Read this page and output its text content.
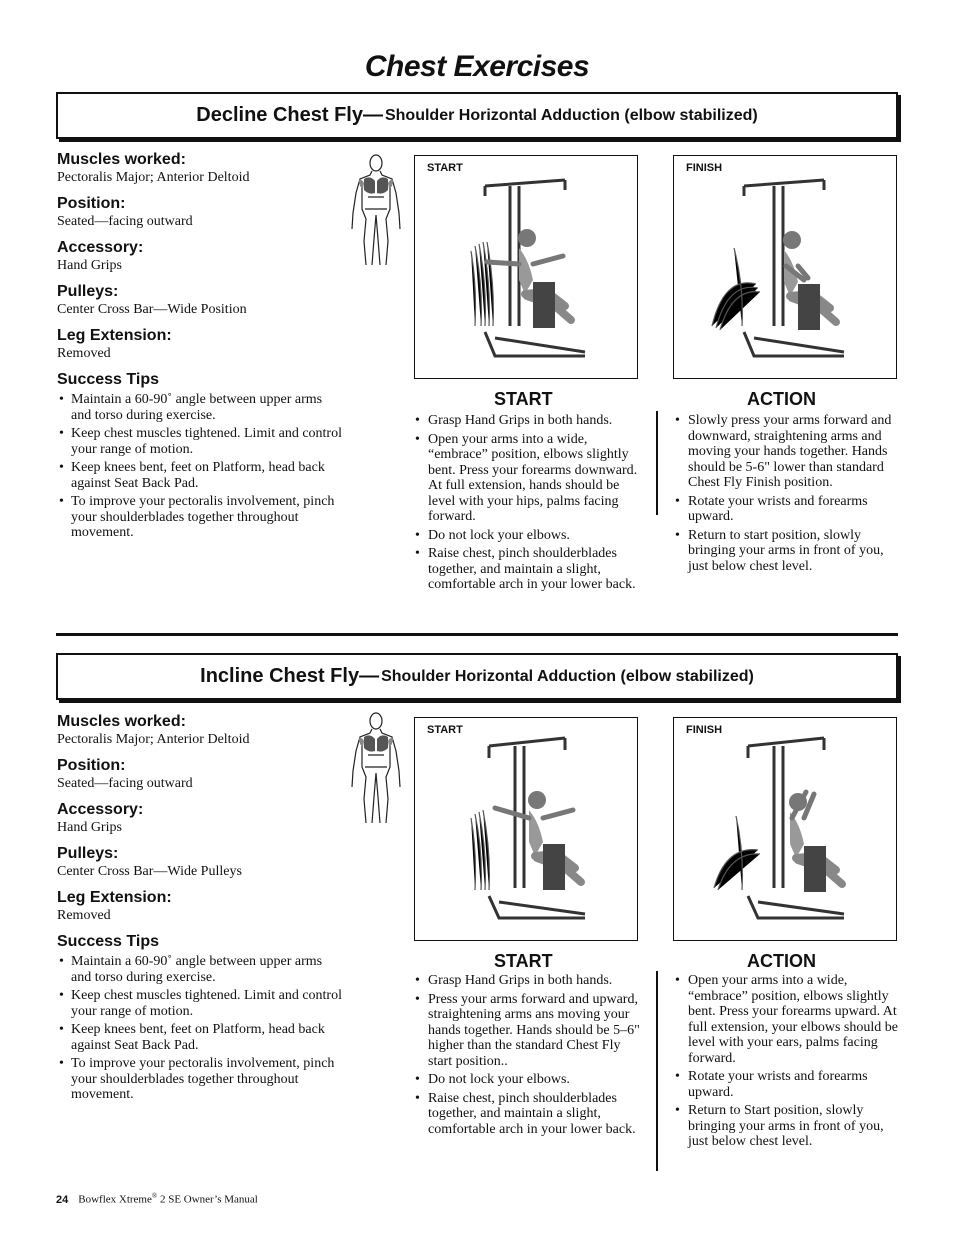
Chest Exercises
Decline Chest Fly— Shoulder Horizontal Adduction (elbow stabilized)
Muscles worked:
Pectoralis Major; Anterior Deltoid
Position:
Seated—facing outward
Accessory:
Hand Grips
Pulleys:
Center Cross Bar—Wide Position
Leg Extension:
Removed
Success Tips
• Maintain a 60-90˚ angle between upper arms and torso during exercise.
• Keep chest muscles tightened. Limit and control your range of motion.
• Keep knees bent, feet on Platform, head back against Seat Back Pad.
• To improve your pectoralis involvement, pinch your shoulderblades together throughout movement.
START	FINISH
START
• Grasp Hand Grips in both hands.
• Open your arms into a wide, “embrace” position, elbows slightly bent. Press your forearms downward. At full extension, hands should be level with your hips, palms facing forward.
• Do not lock your elbows.
• Raise chest, pinch shoulderblades together, and maintain a slight, comfortable arch in your lower back.
ACTION
• Slowly press your arms forward and downward, straightening arms and moving your hands together. Hands should be 5-6" lower than standard Chest Fly Finish position.
• Rotate your wrists and forearms upward.
• Return to start position, slowly bringing your arms in front of you, just below chest level.
Incline Chest Fly— Shoulder Horizontal Adduction (elbow stabilized)
Muscles worked:
Pectoralis Major; Anterior Deltoid
Position:
Seated—facing outward
Accessory:
Hand Grips
Pulleys:
Center Cross Bar—Wide Pulleys
Leg Extension:
Removed
Success Tips
• Maintain a 60-90˚ angle between upper arms and torso during exercise.
• Keep chest muscles tightened. Limit and control your range of motion.
• Keep knees bent, feet on Platform, head back against Seat Back Pad.
• To improve your pectoralis involvement, pinch your shoulderblades together throughout movement.
START	FINISH
START
• Grasp Hand Grips in both hands.
• Press your arms forward and upward, straightening arms ans moving your hands together. Hands should be 5–6" higher than the standard Chest Fly start position..
• Do not lock your elbows.
• Raise chest, pinch shoulderblades together, and maintain a slight, comfortable arch in your lower back.
ACTION
• Open your arms into a wide, “embrace” position, elbows slightly bent. Press your forearms upward. At full extension, your elbows should be level with your ears, palms facing forward.
• Rotate your wrists and forearms upward.
• Return to Start position, slowly bringing your arms in front of you, just below chest level.
24 Bowflex Xtreme® 2 SE Owner’s Manual
